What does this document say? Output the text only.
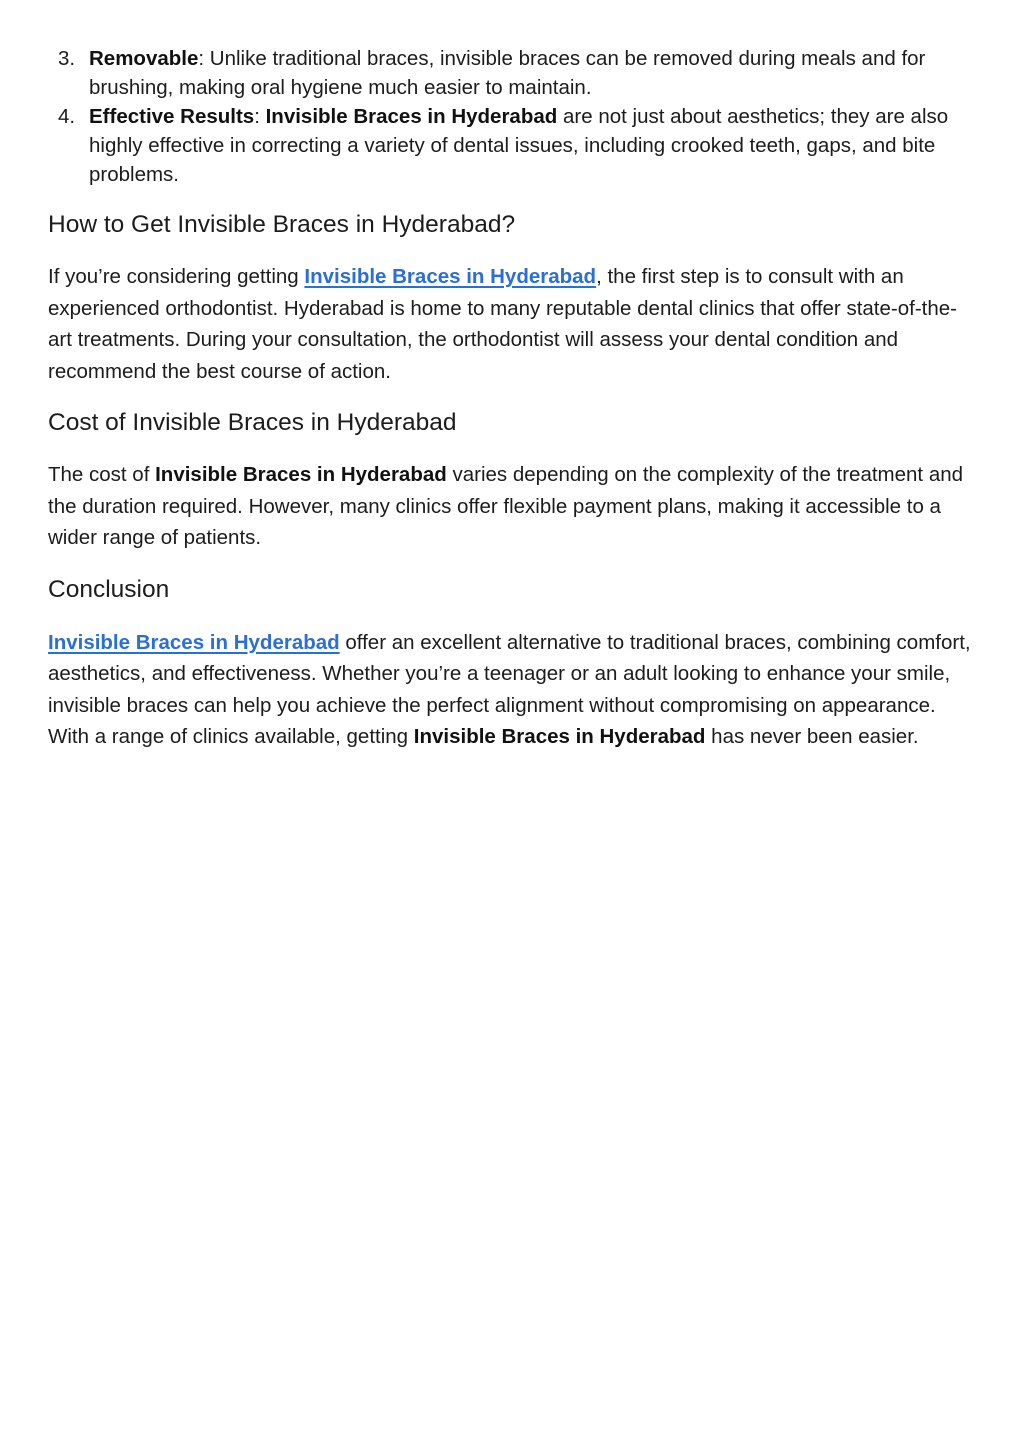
3. Removable: Unlike traditional braces, invisible braces can be removed during meals and for brushing, making oral hygiene much easier to maintain.
4. Effective Results: Invisible Braces in Hyderabad are not just about aesthetics; they are also highly effective in correcting a variety of dental issues, including crooked teeth, gaps, and bite problems.
How to Get Invisible Braces in Hyderabad?

If you’re considering getting Invisible Braces in Hyderabad, the first step is to consult with an experienced orthodontist. Hyderabad is home to many reputable dental clinics that offer state-of-the-art treatments. During your consultation, the orthodontist will assess your dental condition and recommend the best course of action.

Cost of Invisible Braces in Hyderabad

The cost of Invisible Braces in Hyderabad varies depending on the complexity of the treatment and the duration required. However, many clinics offer flexible payment plans, making it accessible to a wider range of patients.

Conclusion

Invisible Braces in Hyderabad offer an excellent alternative to traditional braces, combining comfort, aesthetics, and effectiveness. Whether you’re a teenager or an adult looking to enhance your smile, invisible braces can help you achieve the perfect alignment without compromising on appearance. With a range of clinics available, getting Invisible Braces in Hyderabad has never been easier.
